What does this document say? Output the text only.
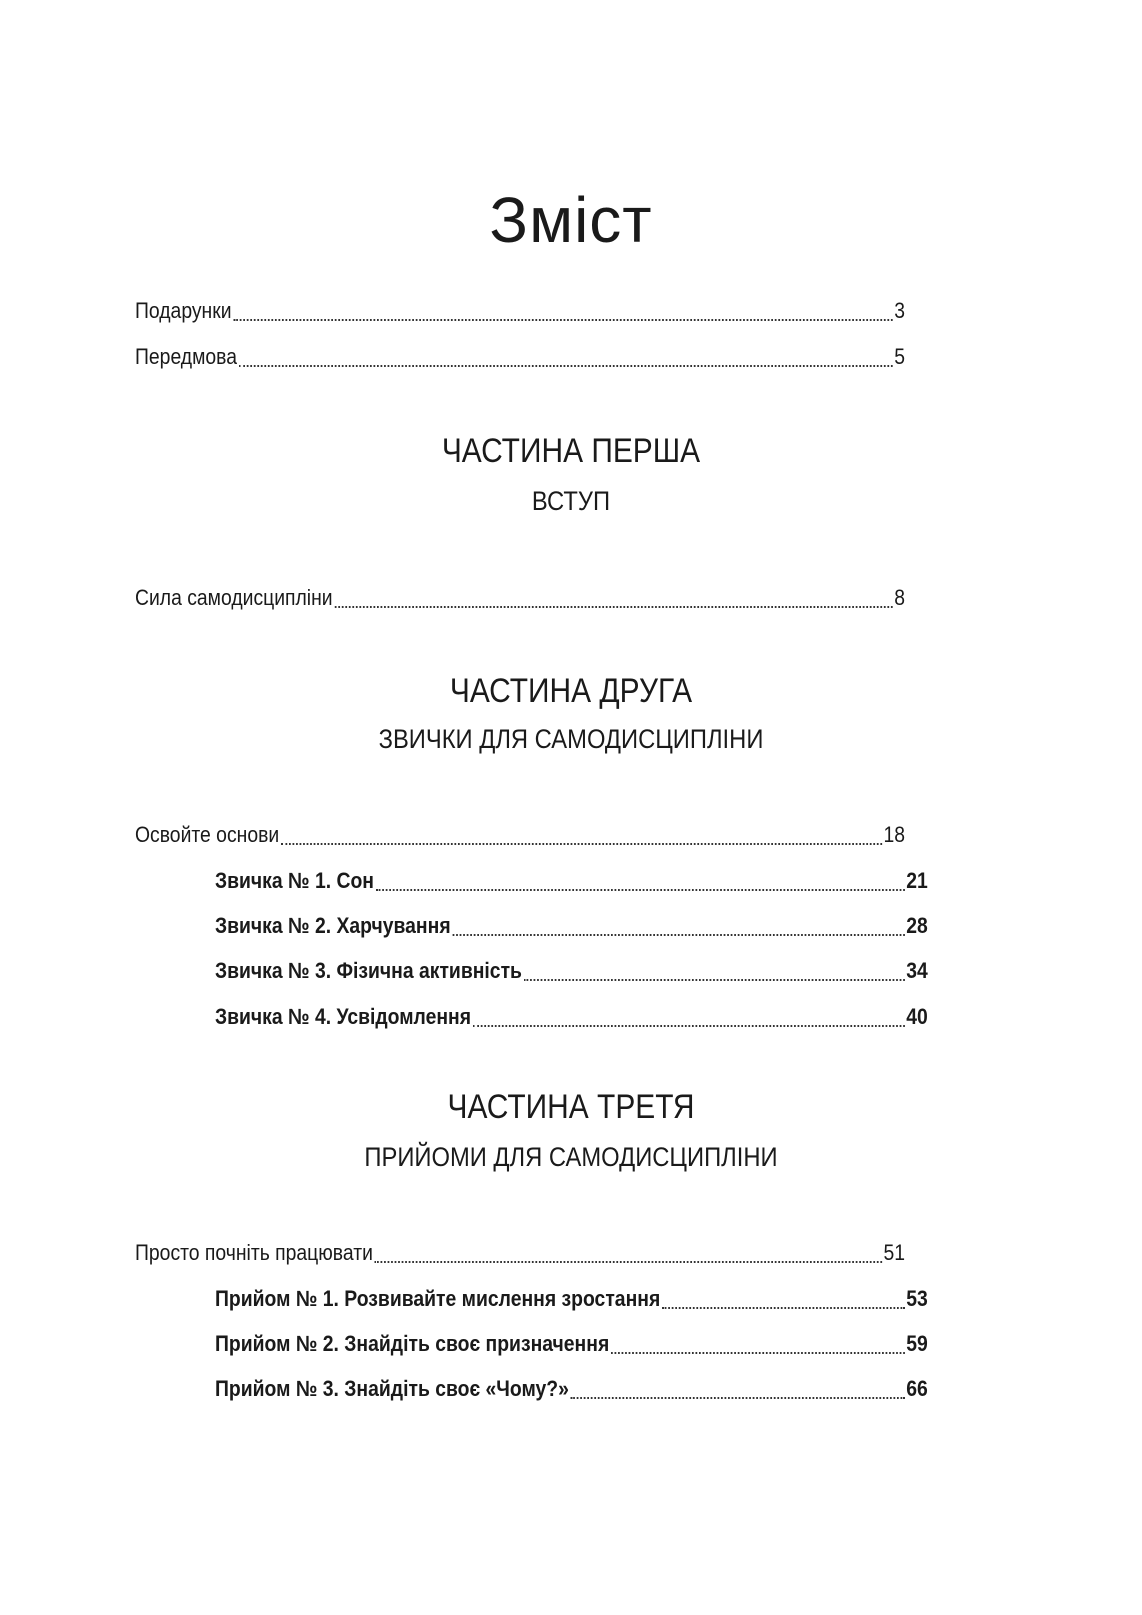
Зміст
Подарунки	3
Передмова	5
ЧАСТИНА ПЕРША
ВСТУП
Сила самодисципліни	8
ЧАСТИНА ДРУГА
ЗВИЧКИ ДЛЯ САМОДИСЦИПЛІНИ
Освойте основи	18
Звичка № 1. Сон	21
Звичка № 2. Харчування	28
Звичка № 3. Фізична активність	34
Звичка № 4. Усвідомлення	40
ЧАСТИНА ТРЕТЯ
ПРИЙОМИ ДЛЯ САМОДИСЦИПЛІНИ
Просто почніть працювати	51
Прийом № 1. Розвивайте мислення зростання	53
Прийом № 2. Знайдіть своє призначення	59
Прийом № 3. Знайдіть своє «Чому?»	66
